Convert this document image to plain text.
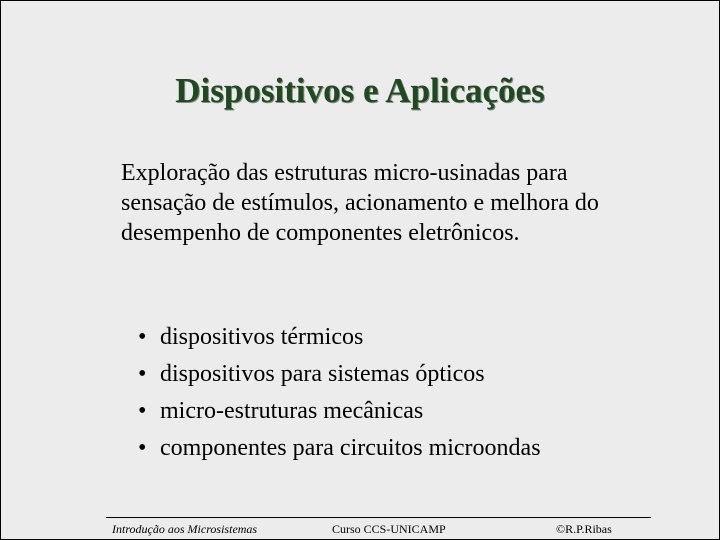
Dispositivos e Aplicações

Exploração das estruturas micro-usinadas para sensação de estímulos, acionamento e melhora do desempenho de componentes eletrônicos.

• dispositivos térmicos
• dispositivos para sistemas ópticos
• micro-estruturas mecânicas
• componentes para circuitos microondas
Introdução aos Microsistemas	Curso CCS-UNICAMP	©R.P.Ribas
